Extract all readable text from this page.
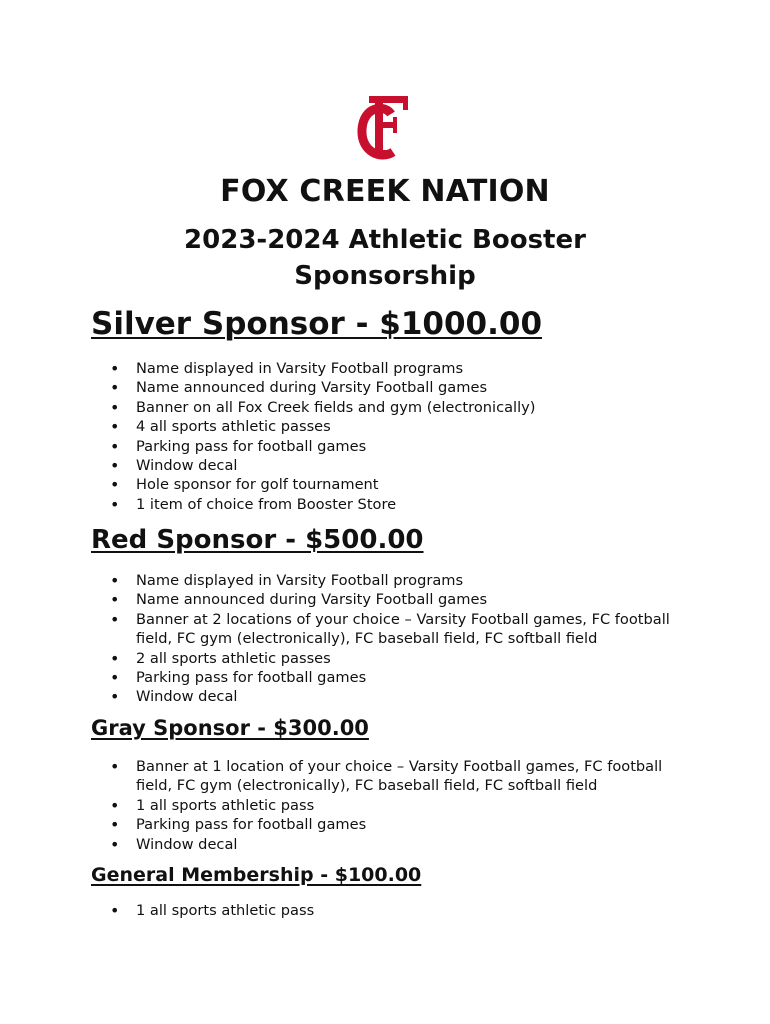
FOX CREEK NATION
2023-2024 Athletic Booster
Sponsorship
Silver Sponsor - $1000.00
• Name displayed in Varsity Football programs
• Name announced during Varsity Football games
• Banner on all Fox Creek fields and gym (electronically)
• 4 all sports athletic passes
• Parking pass for football games
• Window decal
• Hole sponsor for golf tournament
• 1 item of choice from Booster Store
Red Sponsor - $500.00
• Name displayed in Varsity Football programs
• Name announced during Varsity Football games
• Banner at 2 locations of your choice – Varsity Football games, FC football field, FC gym (electronically), FC baseball field, FC softball field
• 2 all sports athletic passes
• Parking pass for football games
• Window decal
Gray Sponsor - $300.00
• Banner at 1 location of your choice – Varsity Football games, FC football field, FC gym (electronically), FC baseball field, FC softball field
• 1 all sports athletic pass
• Parking pass for football games
• Window decal
General Membership - $100.00
• 1 all sports athletic pass
